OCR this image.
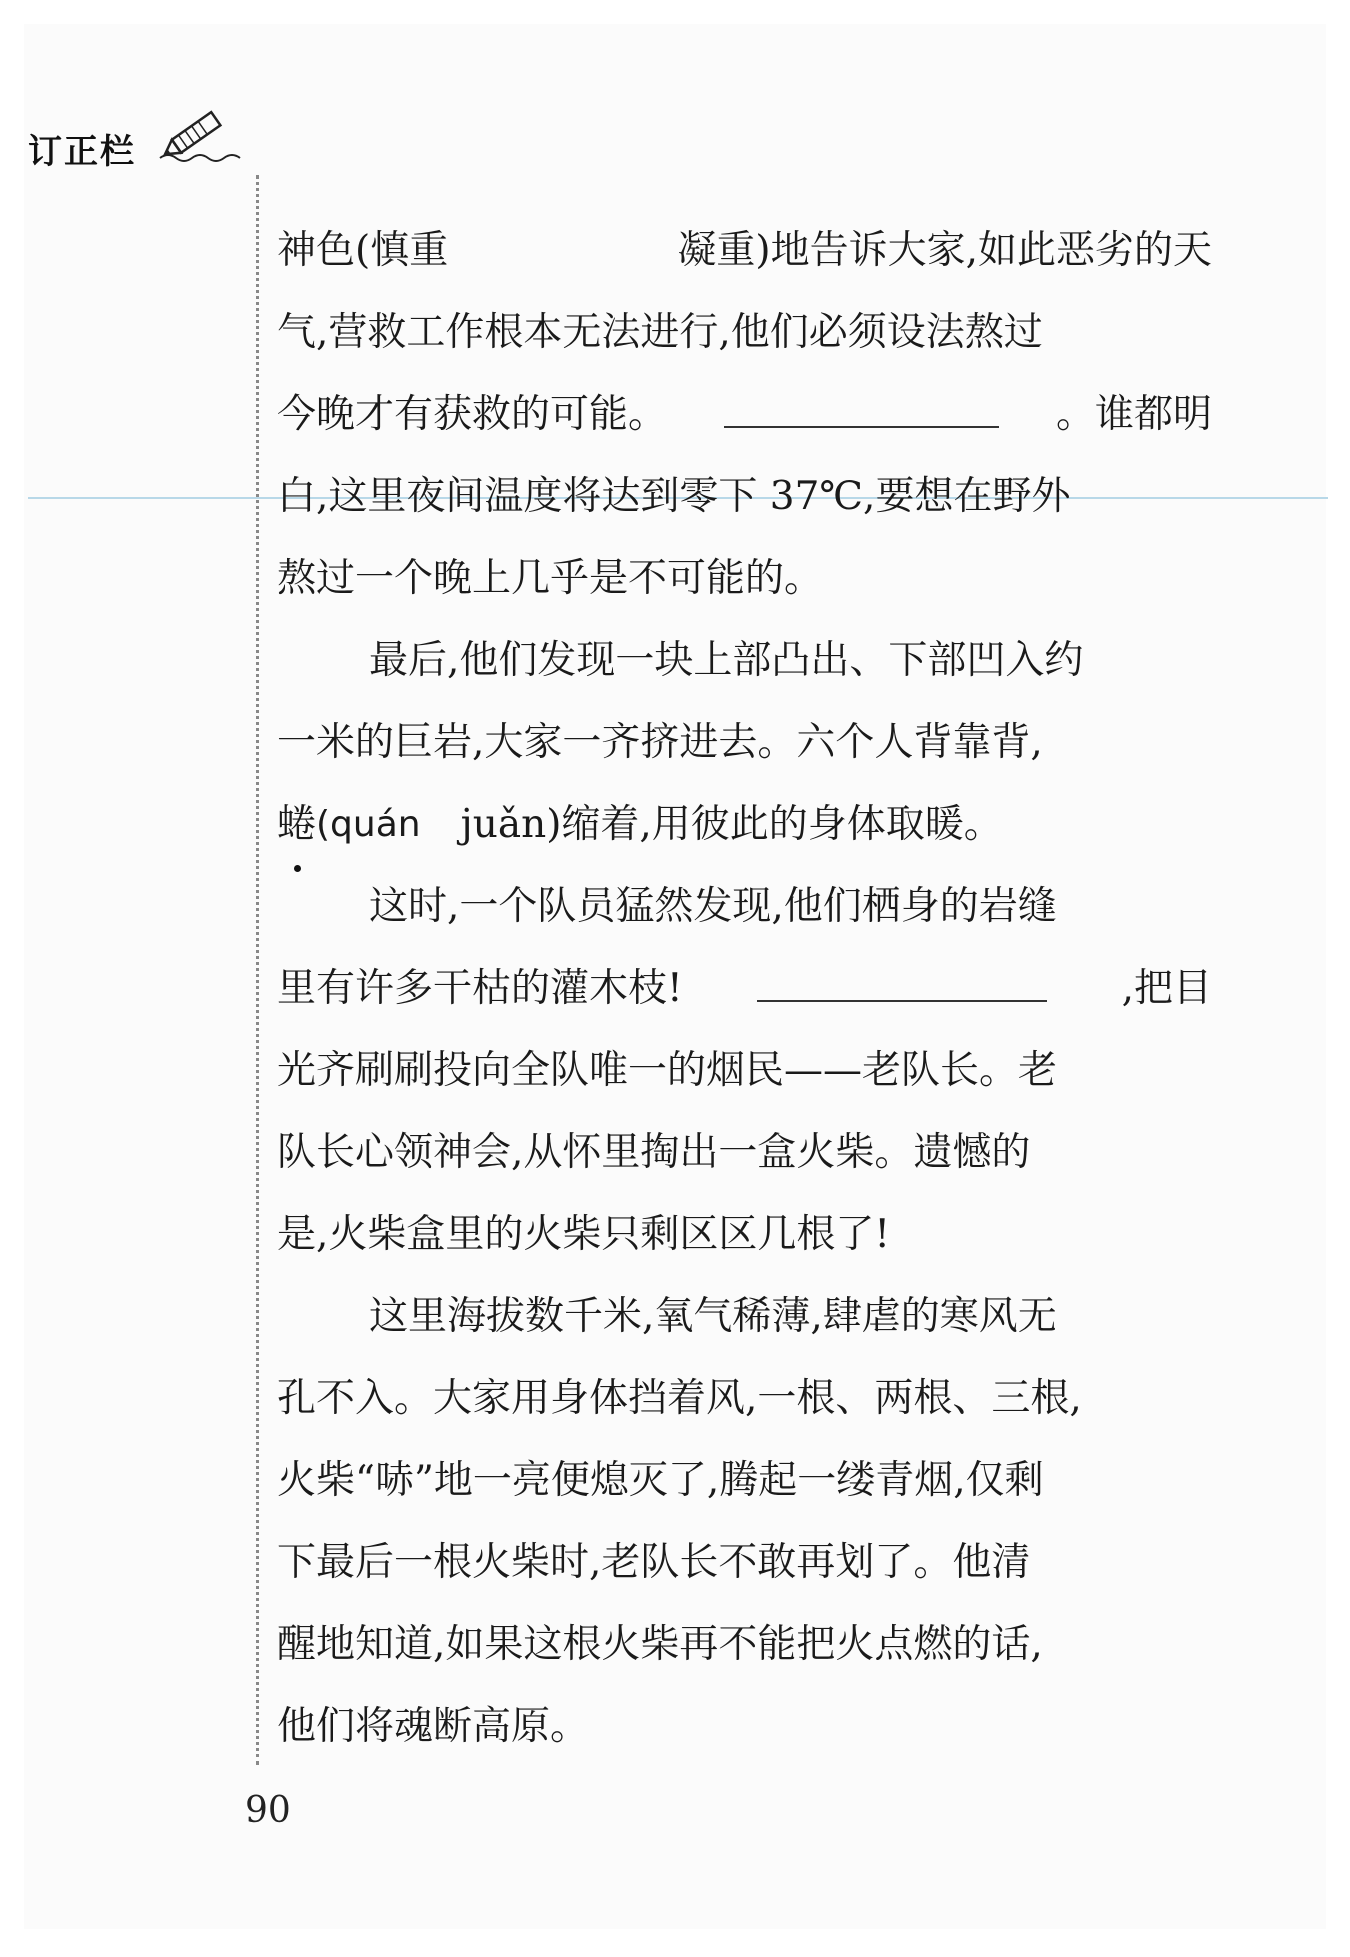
订正栏
神色(慎重	凝重)地告诉大家,如此恶劣的天
气,营救工作根本无法进行,他们必须设法熬过
今晚才有获救的可能。	。谁都明
白,这里夜间温度将达到零下 37℃,要想在野外
熬过一个晚上几乎是不可能的。
最后,他们发现一块上部凸出、下部凹入约
一米的巨岩,大家一齐挤进去。六个人背靠背,
蜷 (quán juǎn)缩着,用彼此的身体取暖。
这时,一个队员猛然发现,他们栖身的岩缝
里有许多干枯的灌木枝!	,把目
光齐刷刷投向全队唯一的烟民——老队长。老
队长心领神会,从怀里掏出一盒火柴。遗憾的
是,火柴盒里的火柴只剩区区几根了!
这里海拔数千米,氧气稀薄,肆虐的寒风无
孔不入。大家用身体挡着风,一根、两根、三根,
火柴“哧”地一亮便熄灭了,腾起一缕青烟,仅剩
下最后一根火柴时,老队长不敢再划了。他清
醒地知道,如果这根火柴再不能把火点燃的话,
他们将魂断高原。
90
